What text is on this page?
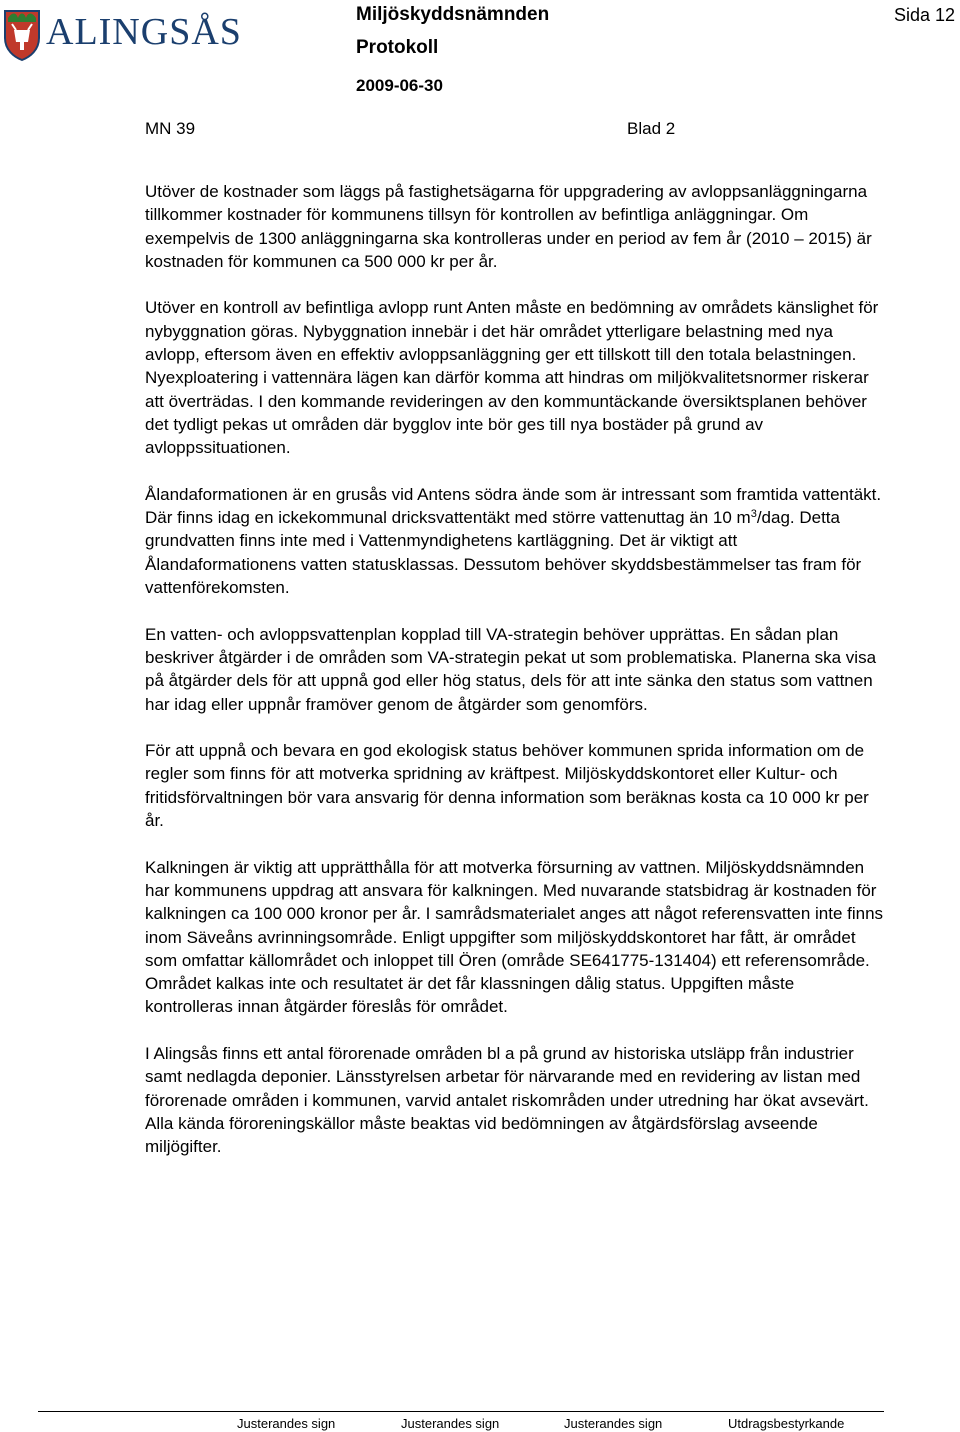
ALINGSÅS	Miljöskyddsnämnden
Protokoll
2009-06-30
Sida 12
MN 39	Blad 2

Utöver de kostnader som läggs på fastighetsägarna för uppgradering av avloppsanläggningarna tillkommer kostnader för kommunens tillsyn för kontrollen av befintliga anläggningar. Om exempelvis de 1300 anläggningarna ska kontrolleras under en period av fem år (2010 – 2015) är kostnaden för kommunen ca 500 000 kr per år.

Utöver en kontroll av befintliga avlopp runt Anten måste en bedömning av områdets känslighet för nybyggnation göras. Nybyggnation innebär i det här området ytterligare belastning med nya avlopp, eftersom även en effektiv avloppsanläggning ger ett tillskott till den totala belastningen. Nyexploatering i vattennära lägen kan därför komma att hindras om miljökvalitetsnormer riskerar att överträdas. I den kommande revideringen av den kommuntäckande översiktsplanen behöver det tydligt pekas ut områden där bygglov inte bör ges till nya bostäder på grund av avloppssituationen.

Ålandaformationen är en grusås vid Antens södra ände som är intressant som framtida vattentäkt. Där finns idag en ickekommunal dricksvattentäkt med större vattenuttag än 10 $m^3$/dag. Detta grundvatten finns inte med i Vattenmyndighetens kartläggning. Det är viktigt att Ålandaformationens vatten statusklassas. Dessutom behöver skyddsbestämmelser tas fram för vattenförekomsten.

En vatten- och avloppsvattenplan kopplad till VA-strategin behöver upprättas. En sådan plan beskriver åtgärder i de områden som VA-strategin pekat ut som problematiska. Planerna ska visa på åtgärder dels för att uppnå god eller hög status, dels för att inte sänka den status som vattnen har idag eller uppnår framöver genom de åtgärder som genomförs.

För att uppnå och bevara en god ekologisk status behöver kommunen sprida information om de regler som finns för att motverka spridning av kräftpest. Miljöskyddskontoret eller Kultur- och fritidsförvaltningen bör vara ansvarig för denna information som beräknas kosta ca 10 000 kr per år.

Kalkningen är viktig att upprätthålla för att motverka försurning av vattnen. Miljöskyddsnämnden har kommunens uppdrag att ansvara för kalkningen. Med nuvarande statsbidrag är kostnaden för kalkningen ca 100 000 kronor per år. I samrådsmaterialet anges att något referensvatten inte finns inom Säveåns avrinningsområde. Enligt uppgifter som miljöskyddskontoret har fått, är området som omfattar källområdet och inloppet till Ören (område SE641775-131404) ett referensområde. Området kalkas inte och resultatet är det får klassningen dålig status. Uppgiften måste kontrolleras innan åtgärder föreslås för området.

I Alingsås finns ett antal förorenade områden bl a på grund av historiska utsläpp från industrier samt nedlagda deponier. Länsstyrelsen arbetar för närvarande med en revidering av listan med förorenade områden i kommunen, varvid antalet riskområden under utredning har ökat avsevärt. Alla kända föroreningskällor måste beaktas vid bedömningen av åtgärdsförslag avseende miljögifter.

Justerandes sign	Justerandes sign	Justerandes sign	Utdragsbestyrkande
